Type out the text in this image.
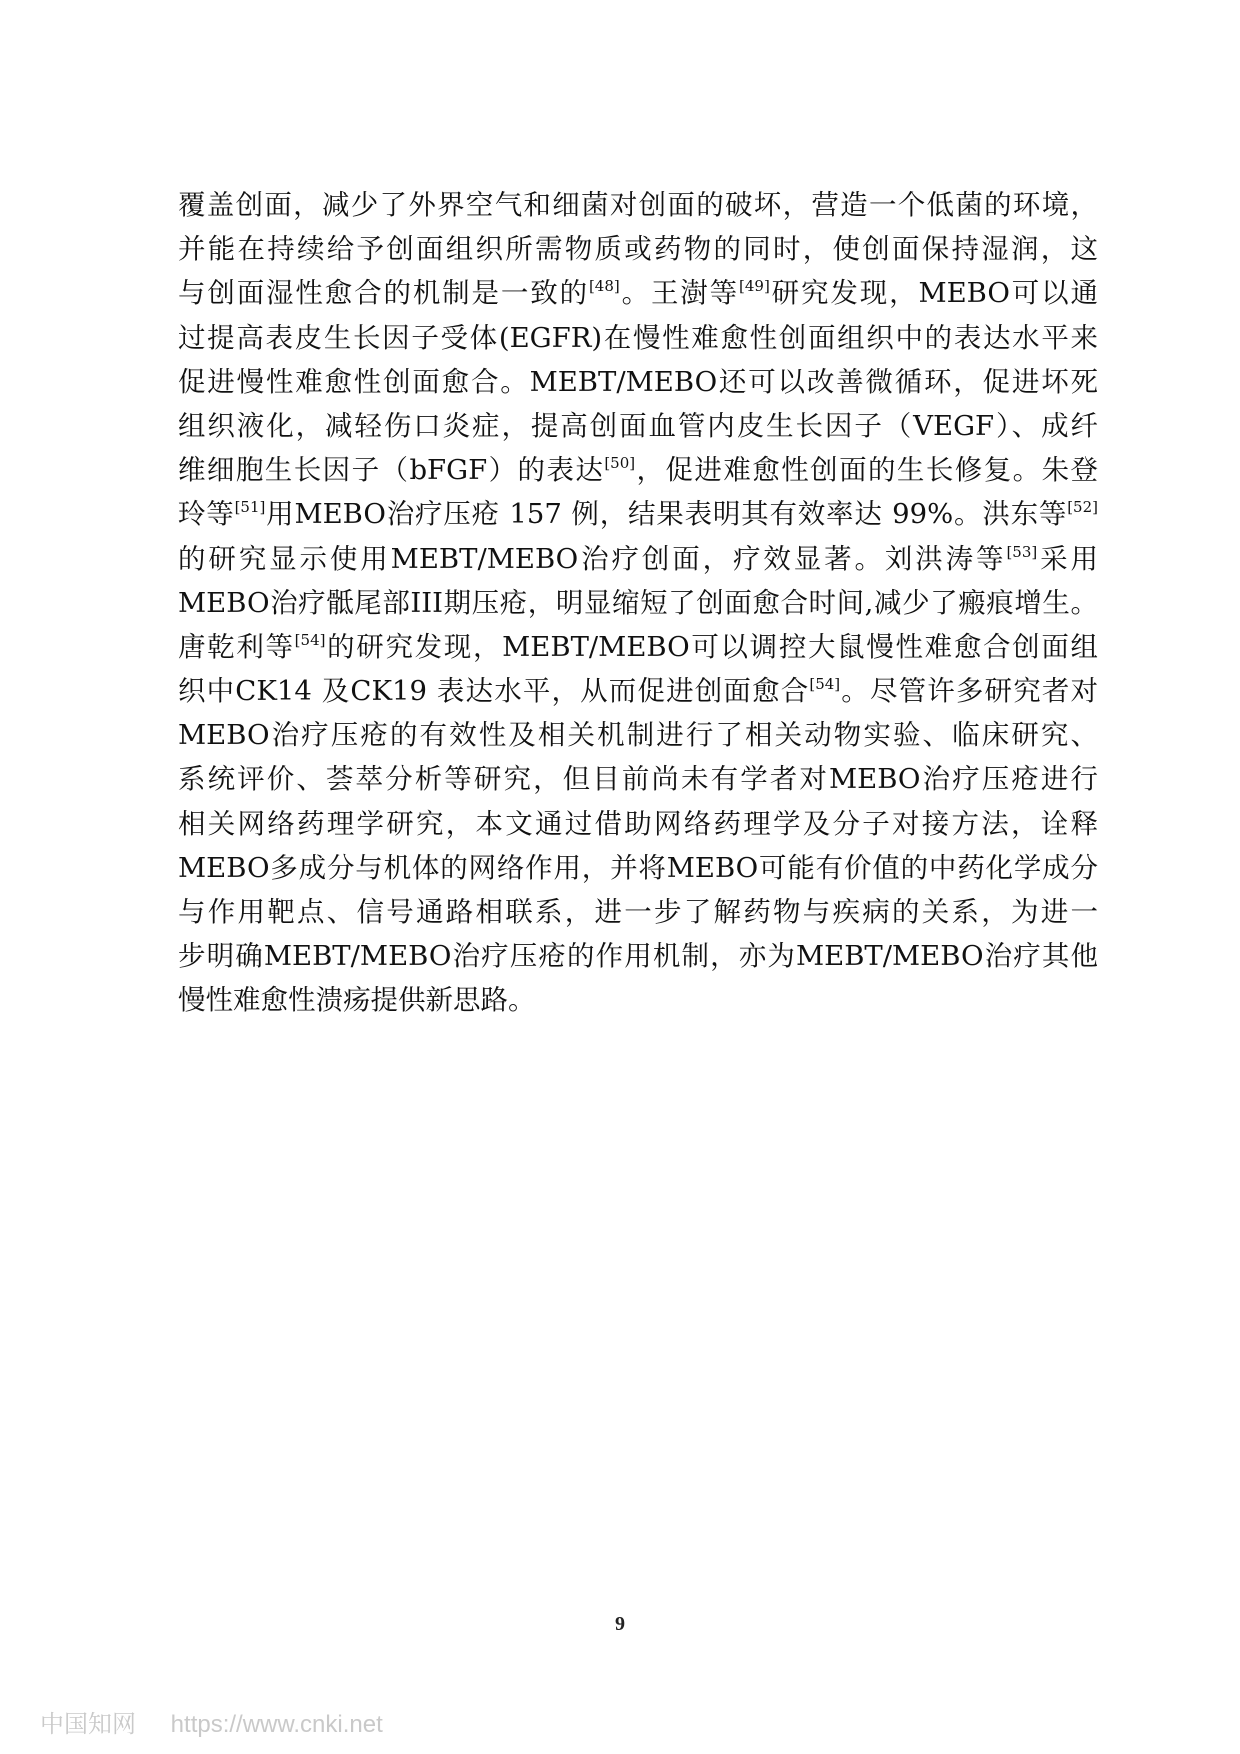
覆盖创面，减少了外界空气和细菌对创面的破坏，营造一个低菌的环境，
并能在持续给予创面组织所需物质或药物的同时，使创面保持湿润，这
与创面湿性愈合的机制是一致的[48]。王澍等[49]研究发现，MEBO可以通
过提高表皮生长因子受体(EGFR)在慢性难愈性创面组织中的表达水平来
促进慢性难愈性创面愈合。MEBT/MEBO还可以改善微循环，促进坏死
组织液化，减轻伤口炎症，提高创面血管内皮生长因子（VEGF）、成纤
维细胞生长因子（bFGF）的表达[50]，促进难愈性创面的生长修复。朱登
玲等[51]用MEBO治疗压疮 157 例，结果表明其有效率达 99%。洪东等[52]
的研究显示使用MEBT/MEBO治疗创面，疗效显著。刘洪涛等[53]采用
MEBO治疗骶尾部III期压疮，明显缩短了创面愈合时间,减少了瘢痕增生。
唐乾利等[54]的研究发现，MEBT/MEBO可以调控大鼠慢性难愈合创面组
织中CK14 及CK19 表达水平，从而促进创面愈合[54]。尽管许多研究者对
MEBO治疗压疮的有效性及相关机制进行了相关动物实验、临床研究、
系统评价、荟萃分析等研究，但目前尚未有学者对MEBO治疗压疮进行
相关网络药理学研究，本文通过借助网络药理学及分子对接方法，诠释
MEBO多成分与机体的网络作用，并将MEBO可能有价值的中药化学成分
与作用靶点、信号通路相联系，进一步了解药物与疾病的关系，为进一
步明确MEBT/MEBO治疗压疮的作用机制，亦为MEBT/MEBO治疗其他
慢性难愈性溃疡提供新思路。
9
中国知网 https://www.cnki.net
